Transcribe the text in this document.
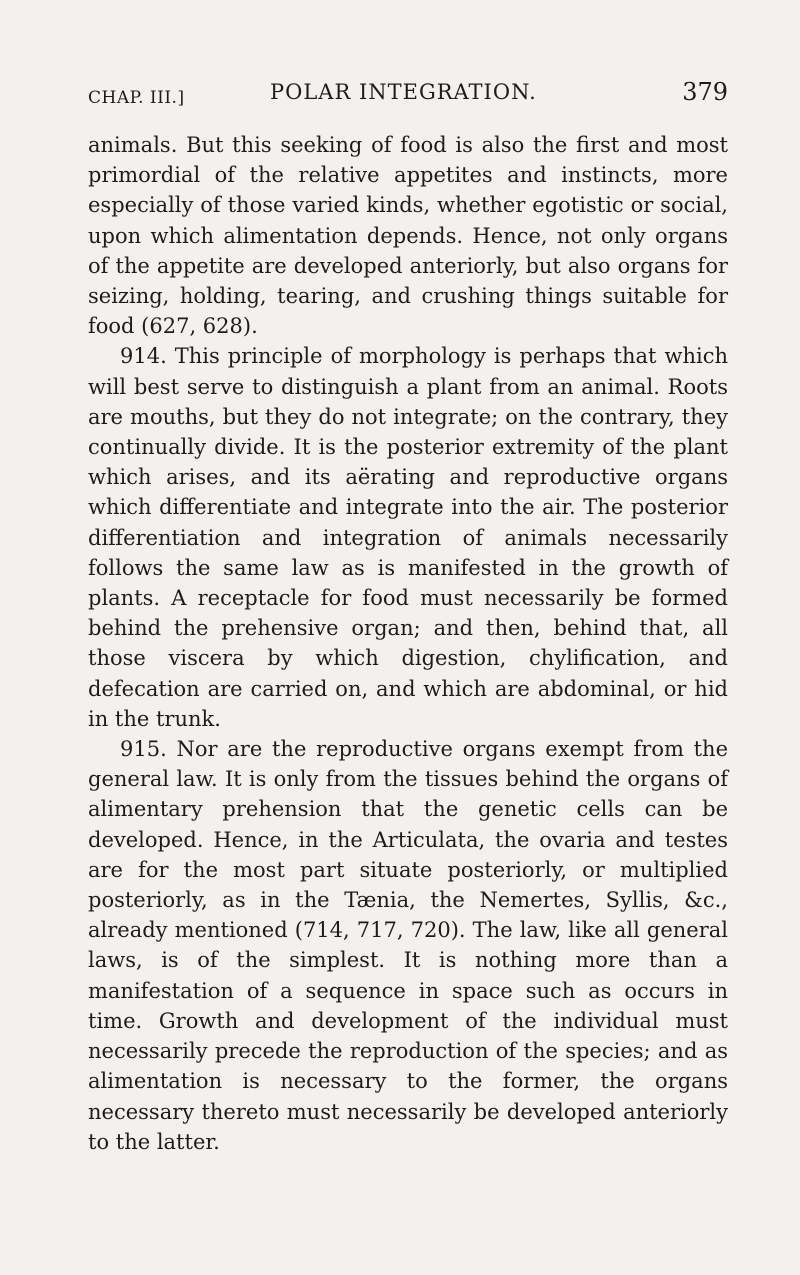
CHAP. III.]	POLAR INTEGRATION.	379

animals. But this seeking of food is also the first and most primordial of the relative appetites and instincts, more especially of those varied kinds, whether egotistic or social, upon which alimentation depends. Hence, not only organs of the appetite are developed anteriorly, but also organs for seizing, holding, tearing, and crushing things suitable for food (627, 628).

914. This principle of morphology is perhaps that which will best serve to distinguish a plant from an animal. Roots are mouths, but they do not integrate; on the contrary, they continually divide. It is the posterior extremity of the plant which arises, and its aërating and reproductive organs which differentiate and integrate into the air. The posterior differentiation and integration of animals necessarily follows the same law as is manifested in the growth of plants. A receptacle for food must necessarily be formed behind the prehensive organ; and then, behind that, all those viscera by which digestion, chylification, and defecation are carried on, and which are abdominal, or hid in the trunk.

915. Nor are the reproductive organs exempt from the general law. It is only from the tissues behind the organs of alimentary prehension that the genetic cells can be developed. Hence, in the Articulata, the ovaria and testes are for the most part situate posteriorly, or multiplied posteriorly, as in the Tænia, the Nemertes, Syllis, &c., already mentioned (714, 717, 720). The law, like all general laws, is of the simplest. It is nothing more than a manifestation of a sequence in space such as occurs in time. Growth and development of the individual must necessarily precede the reproduction of the species; and as alimentation is necessary to the former, the organs necessary thereto must necessarily be developed anteriorly to the latter.
